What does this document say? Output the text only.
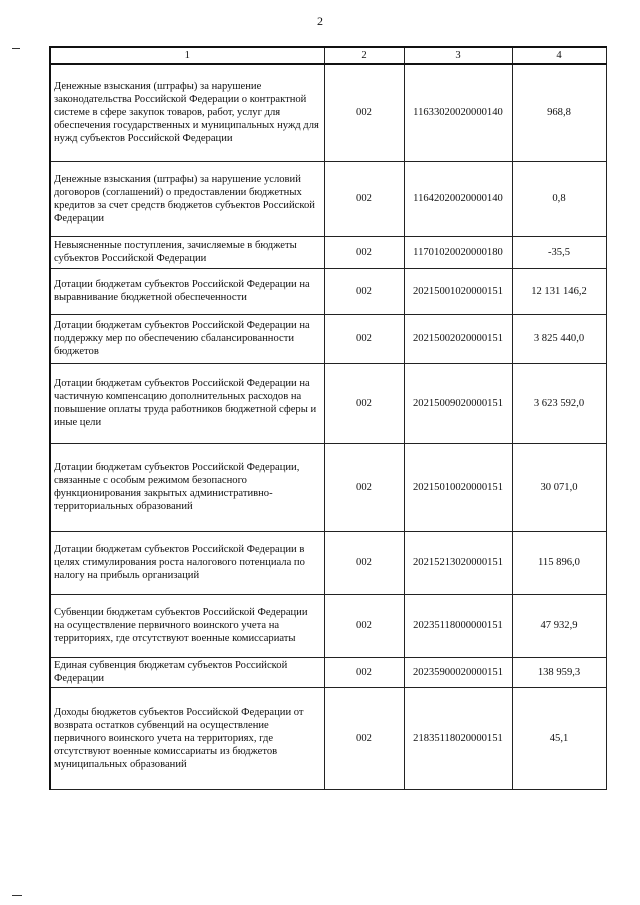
2
1	2	3	4
Денежные взыскания (штрафы) за нарушение законодательства Российской Федерации о контрактной системе в сфере закупок товаров, работ, услуг для обеспечения государственных и муниципальных нужд для нужд субъектов Российской Федерации	002	11633020020000140	968,8
Денежные взыскания (штрафы) за нарушение условий договоров (соглашений) о предоставлении бюджетных кредитов за счет средств бюджетов субъектов Российской Федерации	002	11642020020000140	0,8
Невыясненные поступления, зачисляемые в бюджеты субъектов Российской Федерации	002	11701020020000180	-35,5
Дотации бюджетам субъектов Российской Федерации на выравнивание бюджетной обеспеченности	002	20215001020000151	12 131 146,2
Дотации бюджетам субъектов Российской Федерации на поддержку мер по обеспечению сбалансированности бюджетов	002	20215002020000151	3 825 440,0
Дотации бюджетам субъектов Российской Федерации на частичную компенсацию дополнительных расходов на повышение оплаты труда работников бюджетной сферы и иные цели	002	20215009020000151	3 623 592,0
Дотации бюджетам субъектов Российской Федерации, связанные с особым режимом безопасного функционирования закрытых административно-территориальных образований	002	20215010020000151	30 071,0
Дотации бюджетам субъектов Российской Федерации в целях стимулирования роста налогового потенциала по налогу на прибыль организаций	002	20215213020000151	115 896,0
Субвенции бюджетам субъектов Российской Федерации на осуществление первичного воинского учета на территориях, где отсутствуют военные комиссариаты	002	20235118000000151	47 932,9
Единая субвенция бюджетам субъектов Российской Федерации	002	20235900020000151	138 959,3
Доходы бюджетов субъектов Российской Федерации от возврата остатков субвенций на осуществление первичного воинского учета на территориях, где отсутствуют военные комиссариаты из бюджетов муниципальных образований	002	21835118020000151	45,1
